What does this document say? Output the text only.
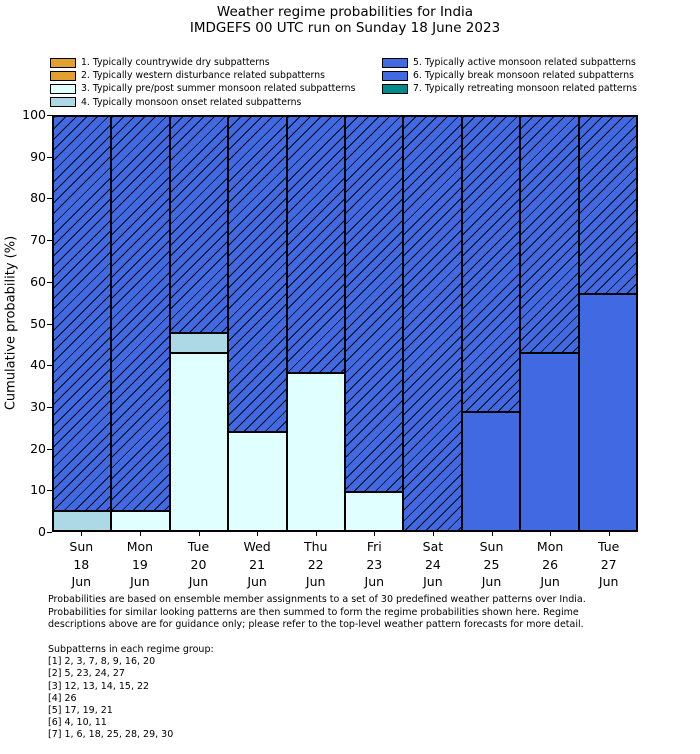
Weather regime probabilities for India
IMDGEFS 00 UTC run on Sunday 18 June 2023
1. Typically countrywide dry subpatterns
2. Typically western disturbance related subpatterns
3. Typically pre/post summer monsoon related subpatterns
4. Typically monsoon onset related subpatterns
5. Typically active monsoon related subpatterns
6. Typically break monsoon related subpatterns
7. Typically retreating monsoon related patterns
Cumulative probability (%)
0
10
20
30
40
50
60
70
80
90
100
Sun
18
Jun
Mon
19
Jun
Tue
20
Jun
Wed
21
Jun
Thu
22
Jun
Fri
23
Jun
Sat
24
Jun
Sun
25
Jun
Mon
26
Jun
Tue
27
Jun
Probabilities are based on ensemble member assignments to a set of 30 predefined weather patterns over India.
Probabilities for similar looking patterns are then summed to form the regime probabilities shown here. Regime
descriptions above are for guidance only; please refer to the top-level weather pattern forecasts for more detail.
Subpatterns in each regime group:
[1] 2, 3, 7, 8, 9, 16, 20
[2] 5, 23, 24, 27
[3] 12, 13, 14, 15, 22
[4] 26
[5] 17, 19, 21
[6] 4, 10, 11
[7] 1, 6, 18, 25, 28, 29, 30
